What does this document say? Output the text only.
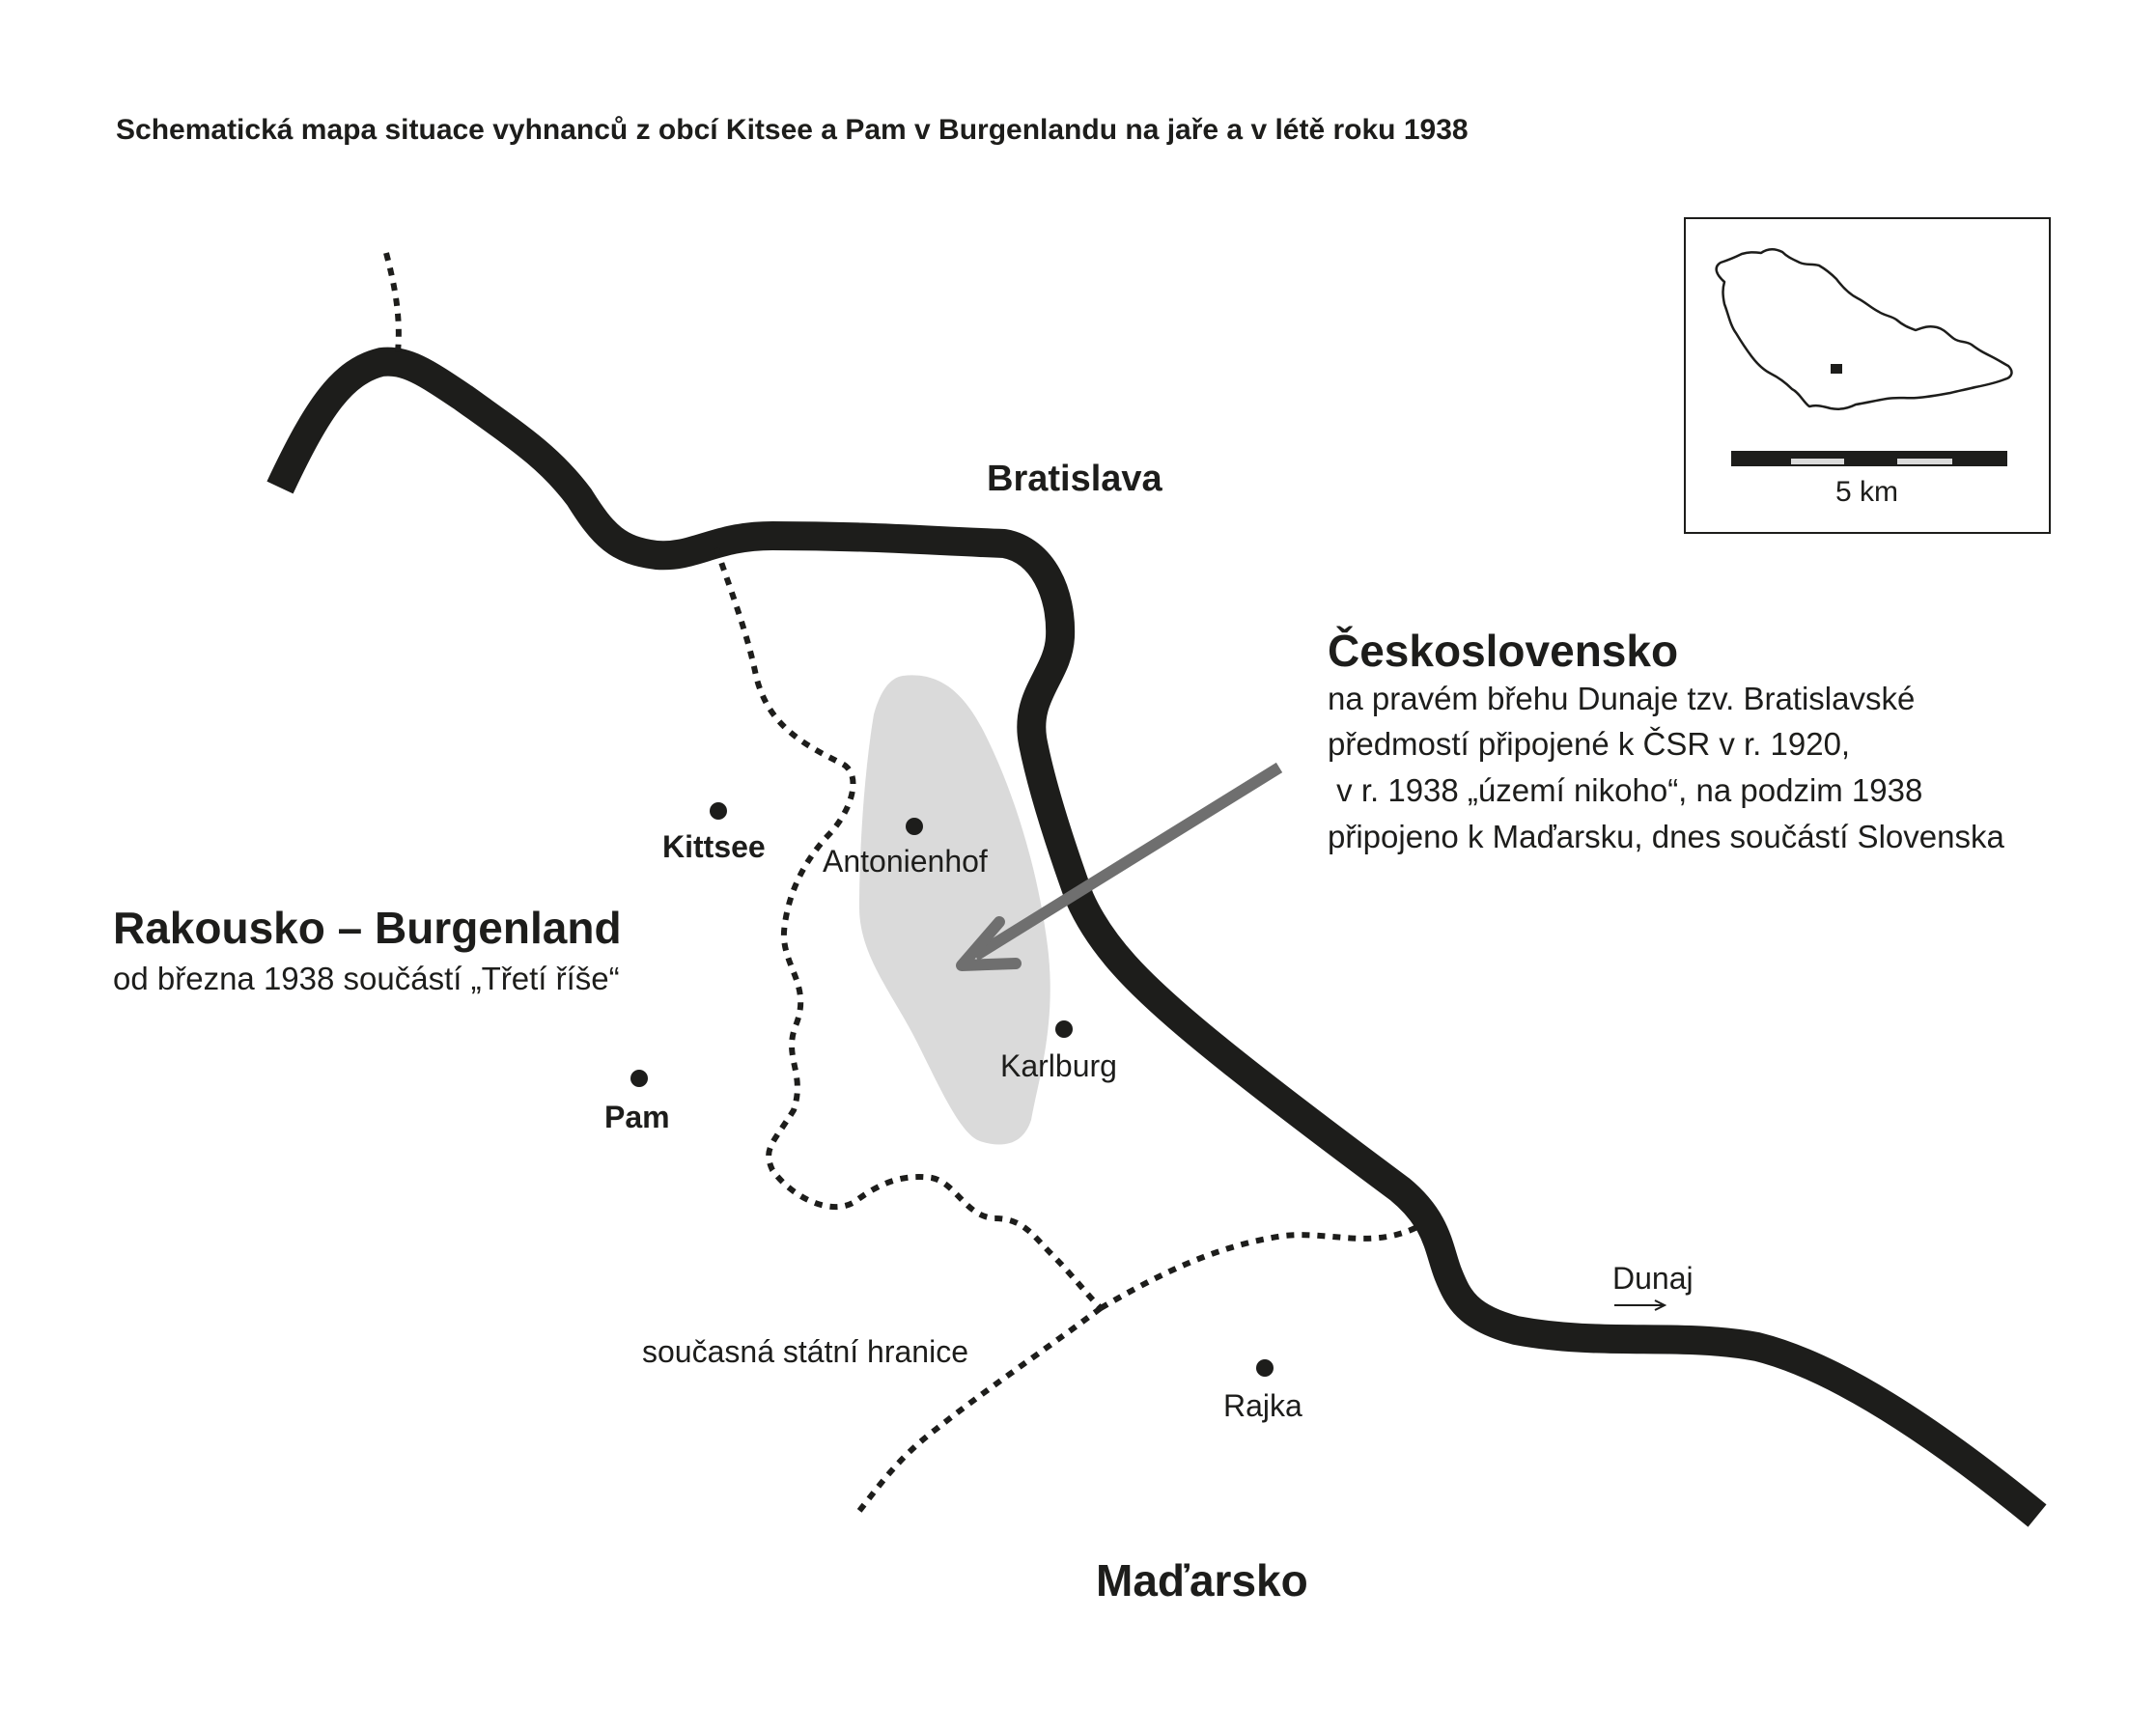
Schematická mapa situace vyhnanců z obcí Kitsee a Pam v Burgenlandu na jaře a v létě roku 1938
Bratislava
Československo
na pravém břehu Dunaje tzv. Bratislavské
předmostí připojené k ČSR v r. 1920,
v r. 1938 „území nikoho“, na podzim 1938
připojeno k Maďarsku, dnes součástí Slovenska
Rakousko – Burgenland
od března 1938 součástí „Třetí říše“
Maďarsko
Kittsee Antonienhof
Pam
Karlburg
Rajka
současná státní hranice
Dunaj
5 km
